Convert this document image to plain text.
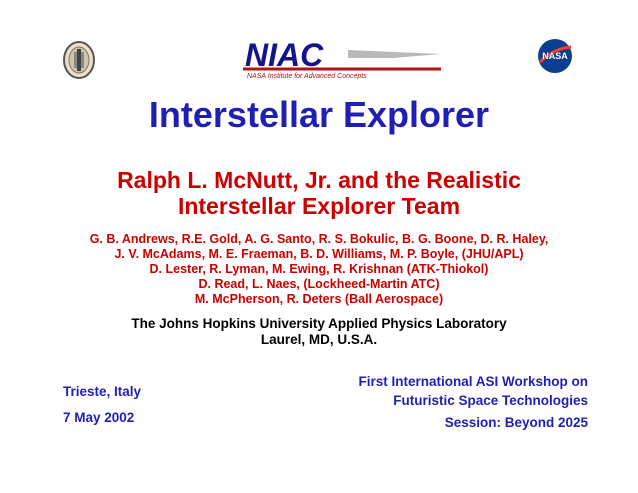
NIAC
NASA Institute for Advanced Concepts
NASA
Interstellar Explorer
Ralph L. McNutt, Jr. and the Realistic
Interstellar Explorer Team
G. B. Andrews, R.E. Gold, A. G. Santo, R. S. Bokulic, B. G. Boone, D. R. Haley,
J. V. McAdams, M. E. Fraeman, B. D. Williams, M. P. Boyle, (JHU/APL)
D. Lester, R. Lyman, M. Ewing, R. Krishnan (ATK-Thiokol)
D. Read, L. Naes, (Lockheed-Martin ATC)
M. McPherson, R. Deters (Ball Aerospace)
The Johns Hopkins University Applied Physics Laboratory
Laurel, MD, U.S.A.
Trieste, Italy
7 May 2002
First International ASI Workshop on
Futuristic Space Technologies
Session: Beyond 2025
